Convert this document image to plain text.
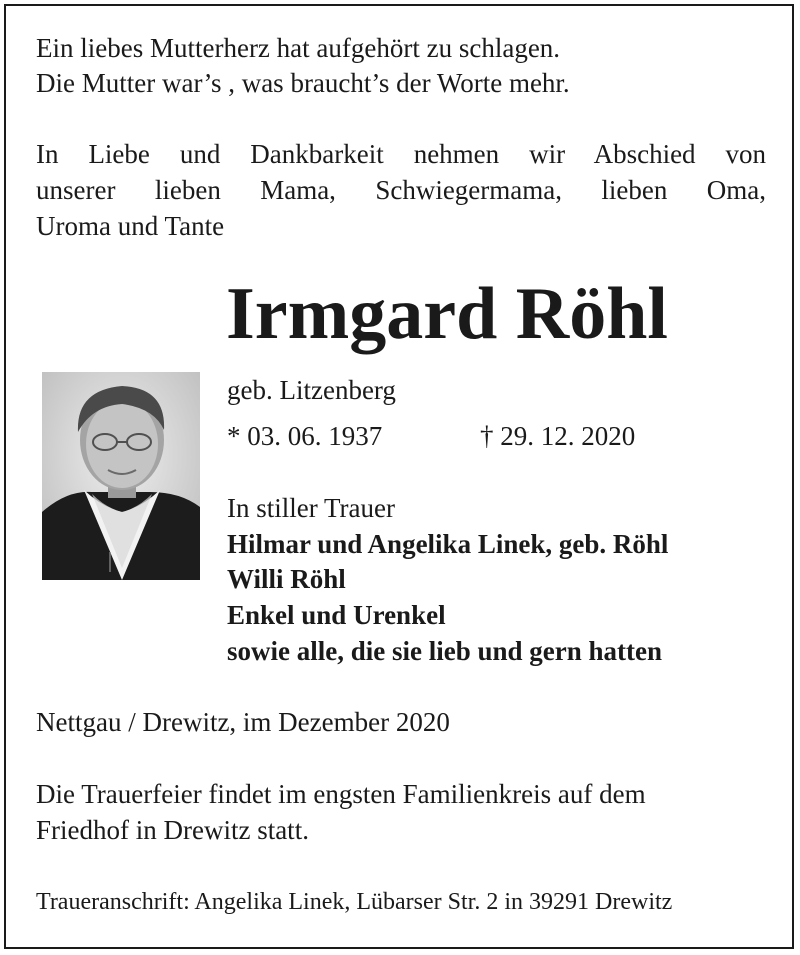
Ein liebes Mutterherz hat aufgehört zu schlagen.

Die Mutter war’s , was braucht’s der Worte mehr.

In Liebe und Dankbarkeit nehmen wir Abschied von

unserer lieben Mama, Schwiegermama, lieben Oma,

Uroma und Tante

Irmgard Röhl

geb. Litzenberg

* 03. 06. 1937	† 29. 12. 2020

In stiller Trauer

Hilmar und Angelika Linek, geb. Röhl

Willi Röhl

Enkel und Urenkel

sowie alle, die sie lieb und gern hatten

Nettgau / Drewitz, im Dezember 2020

Die Trauerfeier findet im engsten Familienkreis auf dem

Friedhof in Drewitz statt.

Traueranschrift: Angelika Linek, Lübarser Str. 2 in 39291 Drewitz
